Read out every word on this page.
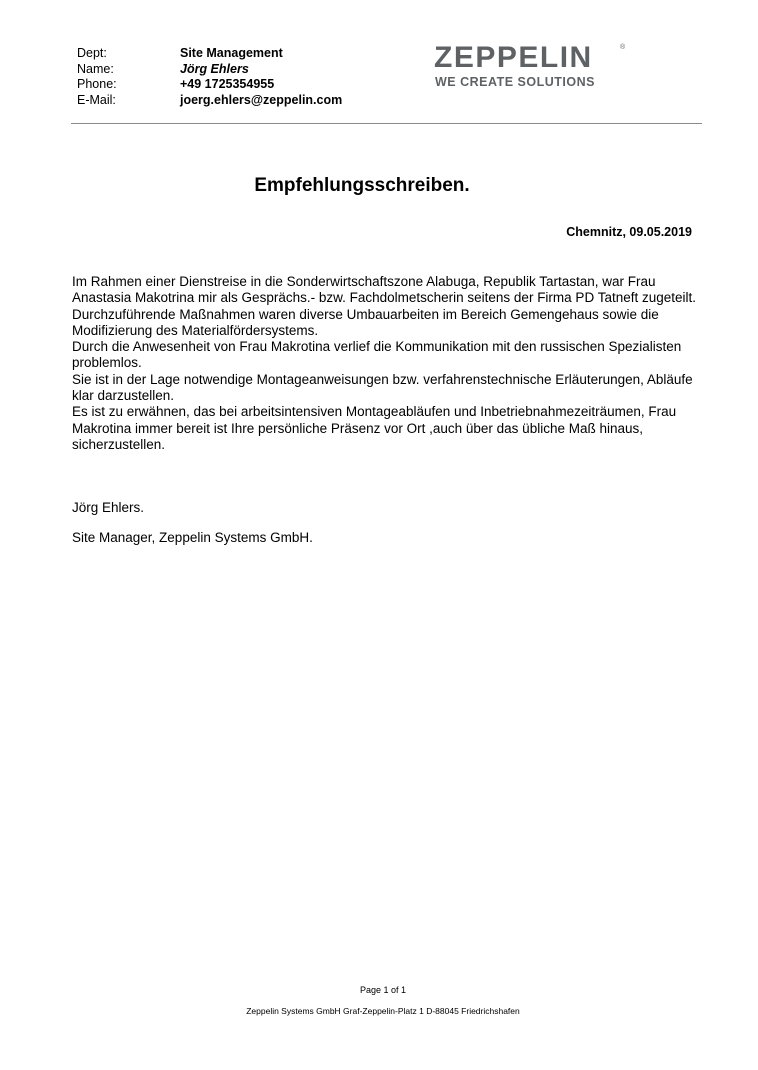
Dept:	Site Management
Name:	Jörg Ehlers
Phone:	+49 1725354955
E-Mail:	joerg.ehlers@zeppelin.com
ZEPPELIN	®
WE CREATE SOLUTIONS
Empfehlungsschreiben.
Chemnitz, 09.05.2019

Im Rahmen einer Dienstreise in die Sonderwirtschaftszone Alabuga, Republik Tartastan, war Frau Anastasia Makotrina mir als Gesprächs.- bzw. Fachdolmetscherin seitens der Firma PD Tatneft zugeteilt.

Durchzuführende Maßnahmen waren diverse Umbauarbeiten im Bereich Gemengehaus sowie die Modifizierung des Materialfördersystems.

Durch die Anwesenheit von Frau Makrotina verlief die Kommunikation mit den russischen Spezialisten problemlos.

Sie ist in der Lage notwendige Montageanweisungen bzw. verfahrenstechnische Erläuterungen, Abläufe klar darzustellen.

Es ist zu erwähnen, das bei arbeitsintensiven Montageabläufen und Inbetriebnahmezeiträumen, Frau Makrotina immer bereit ist Ihre persönliche Präsenz vor Ort ,auch über das übliche Maß hinaus, sicherzustellen.

Jörg Ehlers.
Site Manager, Zeppelin Systems GmbH.
Page 1 of 1
Zeppelin Systems GmbH Graf-Zeppelin-Platz 1 D-88045 Friedrichshafen
